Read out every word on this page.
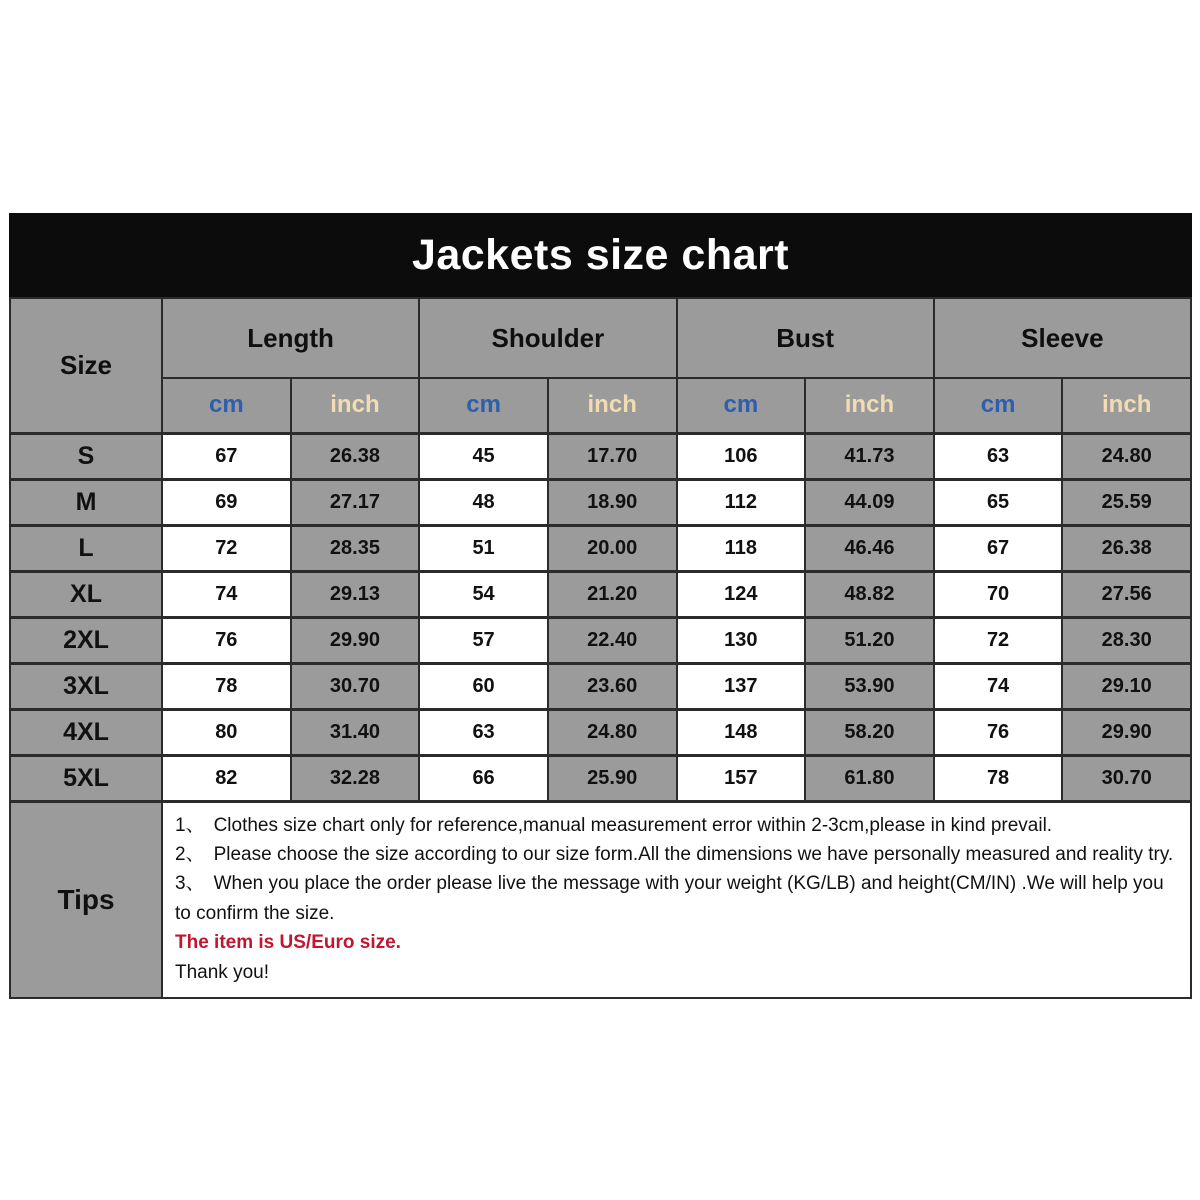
Jackets size chart
Size	Length		Shoulder		Bust		Sleeve	
	cm	inch	cm	inch	cm	inch	cm	inch
S	67	26.38	45	17.70	106	41.73	63	24.80
M	69	27.17	48	18.90	112	44.09	65	25.59
L	72	28.35	51	20.00	118	46.46	67	26.38
XL	74	29.13	54	21.20	124	48.82	70	27.56
2XL	76	29.90	57	22.40	130	51.20	72	28.30
3XL	78	30.70	60	23.60	137	53.90	74	29.10
4XL	80	31.40	63	24.80	148	58.20	76	29.90
5XL	82	32.28	66	25.90	157	61.80	78	30.70
Tips	1、 Clothes size chart only for reference,manual measurement error within 2-3cm,please in kind prevail.
2、 Please choose the size according to our size form.All the dimensions we have personally measured and reality try.
3、 When you place the order please live the message with your weight (KG/LB) and height(CM/IN) .We will help you to confirm the size.
The item is US/Euro size.
Thank you!							
